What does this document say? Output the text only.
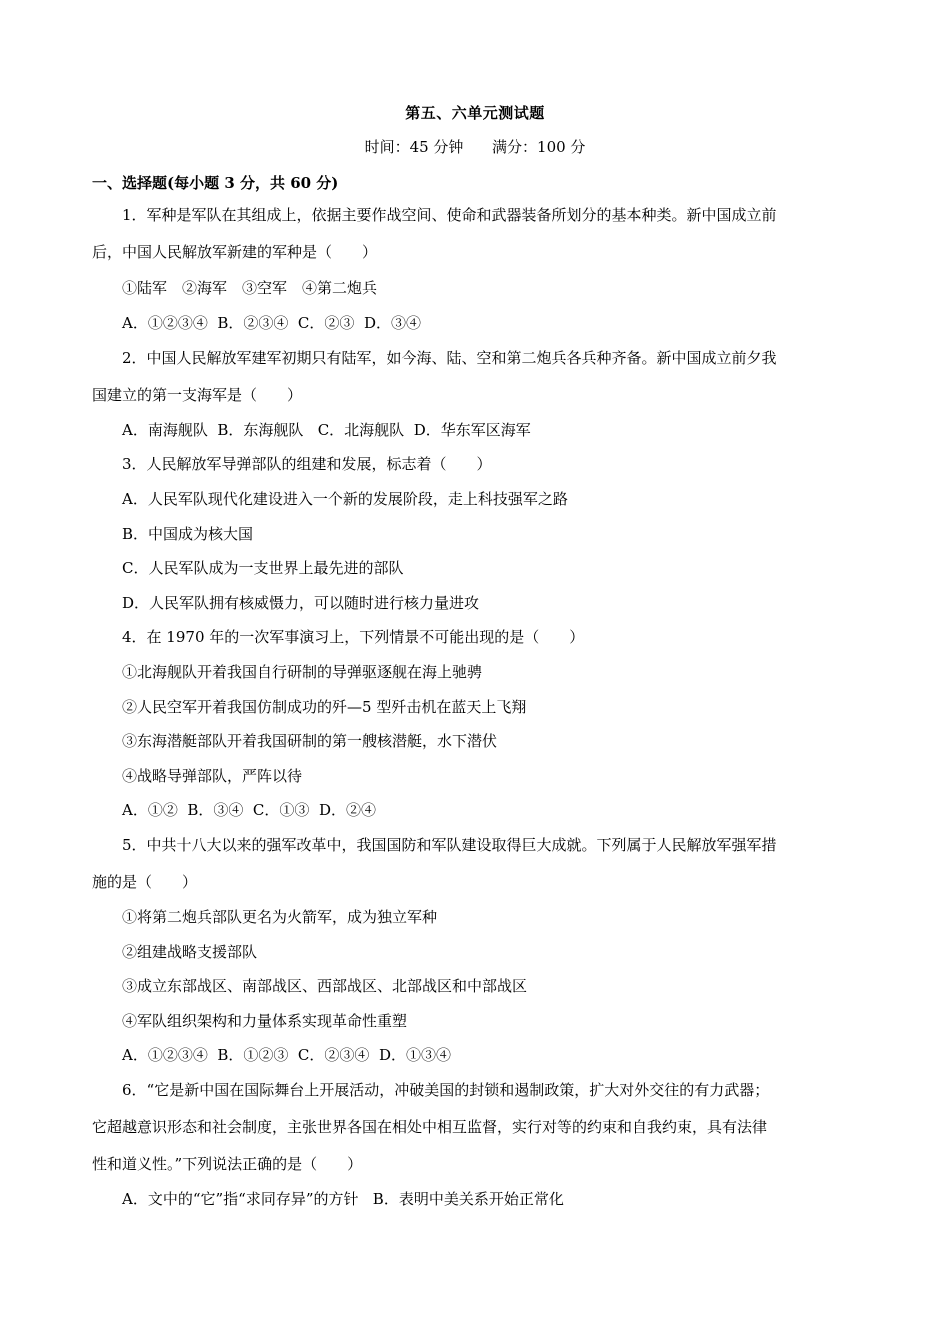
第五、六单元测试题
时间：45 分钟      满分：100 分
一、选择题(每小题 3 分，共 60 分)
1．军种是军队在其组成上，依据主要作战空间、使命和武器装备所划分的基本种类。新中国成立前
后，中国人民解放军新建的军种是（　　）
①陆军　②海军　③空军　④第二炮兵
A．①②③④  B．②③④  C．②③  D．③④
2．中国人民解放军建军初期只有陆军，如今海、陆、空和第二炮兵各兵种齐备。新中国成立前夕我
国建立的第一支海军是（　　）
A．南海舰队  B．东海舰队   C．北海舰队  D．华东军区海军
3．人民解放军导弹部队的组建和发展，标志着（　　）
A．人民军队现代化建设进入一个新的发展阶段，走上科技强军之路
B．中国成为核大国
C．人民军队成为一支世界上最先进的部队
D．人民军队拥有核威慑力，可以随时进行核力量进攻
4．在 1970 年的一次军事演习上，下列情景不可能出现的是（　　）
①北海舰队开着我国自行研制的导弹驱逐舰在海上驰骋
②人民空军开着我国仿制成功的歼—5 型歼击机在蓝天上飞翔
③东海潜艇部队开着我国研制的第一艘核潜艇，水下潜伏
④战略导弹部队，严阵以待
A．①②  B．③④  C．①③  D．②④
5．中共十八大以来的强军改革中，我国国防和军队建设取得巨大成就。下列属于人民解放军强军措
施的是（　　）
①将第二炮兵部队更名为火箭军，成为独立军种
②组建战略支援部队
③成立东部战区、南部战区、西部战区、北部战区和中部战区
④军队组织架构和力量体系实现革命性重塑
A．①②③④  B．①②③  C．②③④  D．①③④
6．“它是新中国在国际舞台上开展活动，冲破美国的封锁和遏制政策，扩大对外交往的有力武器；
它超越意识形态和社会制度，主张世界各国在相处中相互监督，实行对等的约束和自我约束，具有法律
性和道义性。”下列说法正确的是（　　）
A．文中的“它”指“求同存异”的方针   B．表明中美关系开始正常化
